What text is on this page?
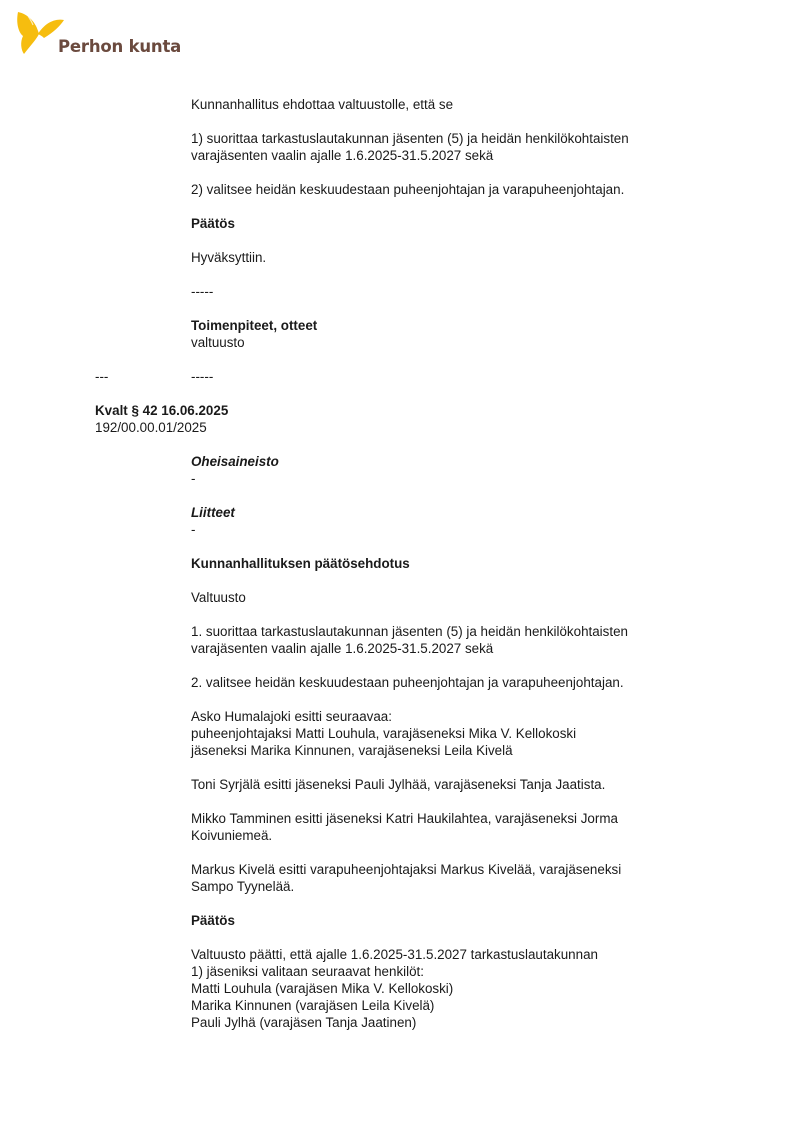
Perhon kunta
Kunnanhallitus ehdottaa valtuustolle, että se
1) suorittaa tarkastuslautakunnan jäsenten (5) ja heidän henkilökohtaisten
varajäsenten vaalin ajalle 1.6.2025-31.5.2027 sekä
2) valitsee heidän keskuudestaan puheenjohtajan ja varapuheenjohtajan.
Päätös
Hyväksyttiin.
-----
Toimenpiteet, otteet
valtuusto
---	-----
Kvalt § 42 16.06.2025
192/00.00.01/2025
Oheisaineisto
-
Liitteet
-
Kunnanhallituksen päätösehdotus
Valtuusto
1. suorittaa tarkastuslautakunnan jäsenten (5) ja heidän henkilökohtaisten
varajäsenten vaalin ajalle 1.6.2025-31.5.2027 sekä
2. valitsee heidän keskuudestaan puheenjohtajan ja varapuheenjohtajan.
Asko Humalajoki esitti seuraavaa:
puheenjohtajaksi Matti Louhula, varajäseneksi Mika V. Kellokoski
jäseneksi Marika Kinnunen, varajäseneksi Leila Kivelä
Toni Syrjälä esitti jäseneksi Pauli Jylhää, varajäseneksi Tanja Jaatista.
Mikko Tamminen esitti jäseneksi Katri Haukilahtea, varajäseneksi Jorma
Koivuniemeä.
Markus Kivelä esitti varapuheenjohtajaksi Markus Kivelää, varajäseneksi
Sampo Tyynelää.
Päätös
Valtuusto päätti, että ajalle 1.6.2025-31.5.2027 tarkastuslautakunnan
1) jäseniksi valitaan seuraavat henkilöt:
Matti Louhula (varajäsen Mika V. Kellokoski)
Marika Kinnunen (varajäsen Leila Kivelä)
Pauli Jylhä (varajäsen Tanja Jaatinen)
